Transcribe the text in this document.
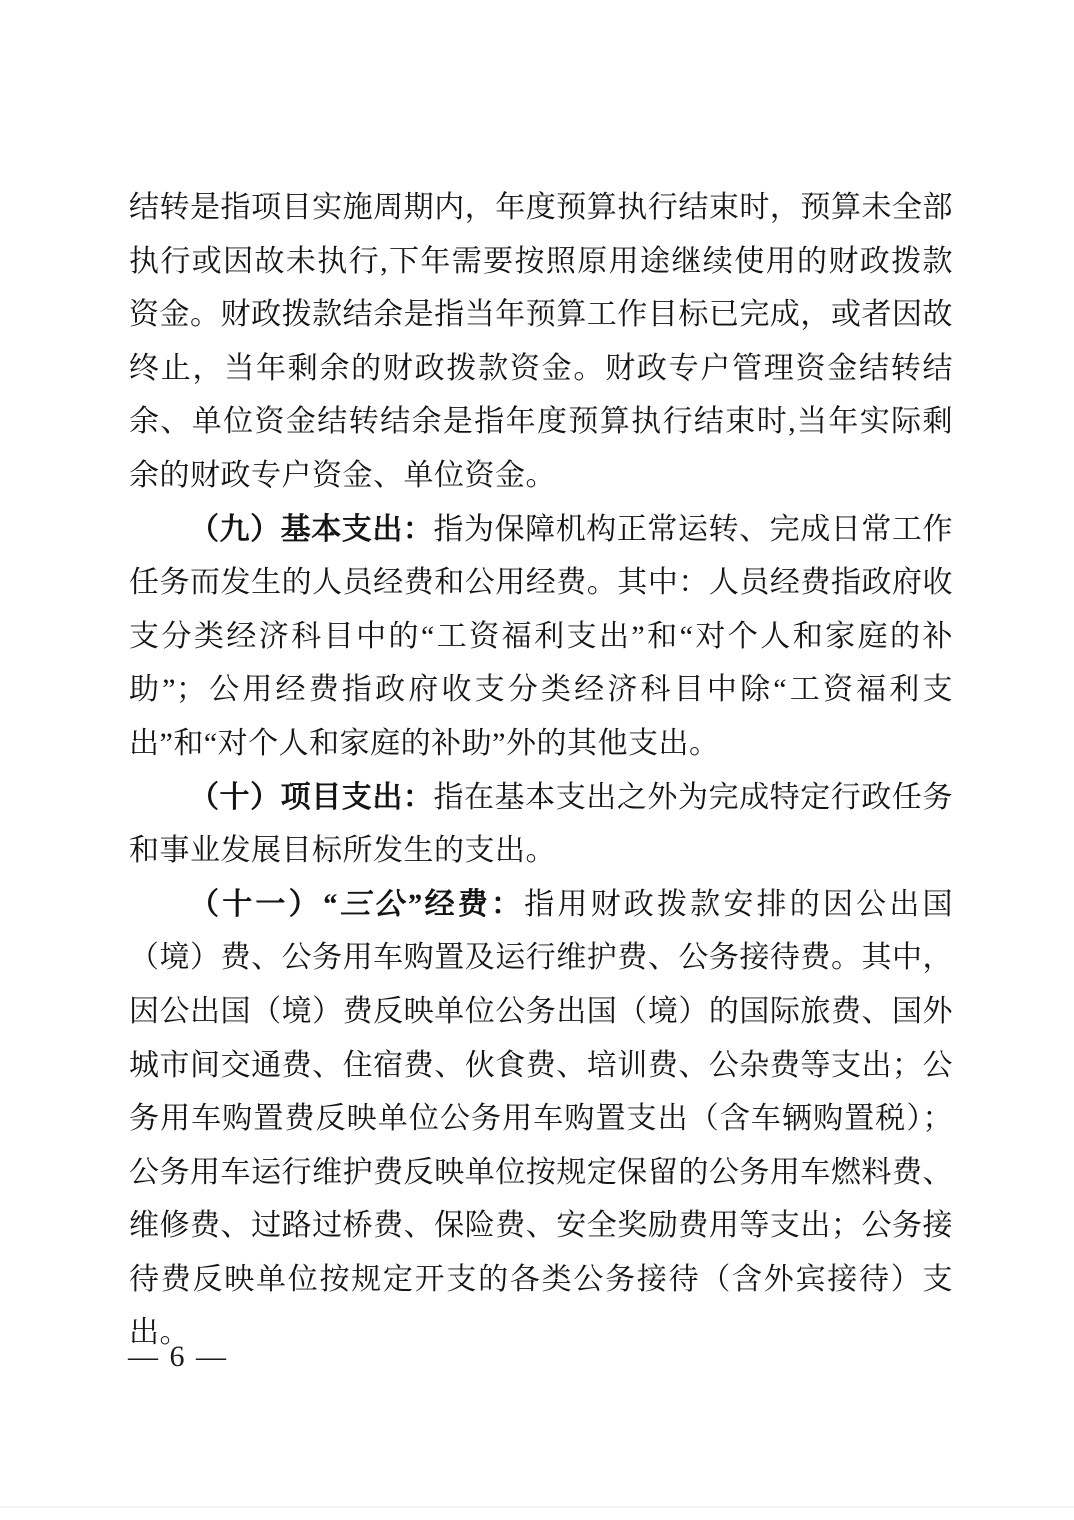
结转是指项目实施周期内，年度预算执行结束时，预算未全部执行或因故未执行,下年需要按照原用途继续使用的财政拨款资金。财政拨款结余是指当年预算工作目标已完成，或者因故终止，当年剩余的财政拨款资金。财政专户管理资金结转结余、单位资金结转结余是指年度预算执行结束时,当年实际剩余的财政专户资金、单位资金。

（九）基本支出：指为保障机构正常运转、完成日常工作任务而发生的人员经费和公用经费。其中：人员经费指政府收支分类经济科目中的“工资福利支出”和“对个人和家庭的补助”；公用经费指政府收支分类经济科目中除“工资福利支出”和“对个人和家庭的补助”外的其他支出。

（十）项目支出：指在基本支出之外为完成特定行政任务和事业发展目标所发生的支出。

（十一）“三公”经费：指用财政拨款安排的因公出国（境）费、公务用车购置及运行维护费、公务接待费。其中，因公出国（境）费反映单位公务出国（境）的国际旅费、国外城市间交通费、住宿费、伙食费、培训费、公杂费等支出；公务用车购置费反映单位公务用车购置支出（含车辆购置税）；公务用车运行维护费反映单位按规定保留的公务用车燃料费、维修费、过路过桥费、保险费、安全奖励费用等支出；公务接待费反映单位按规定开支的各类公务接待（含外宾接待）支出。

— 6 —
